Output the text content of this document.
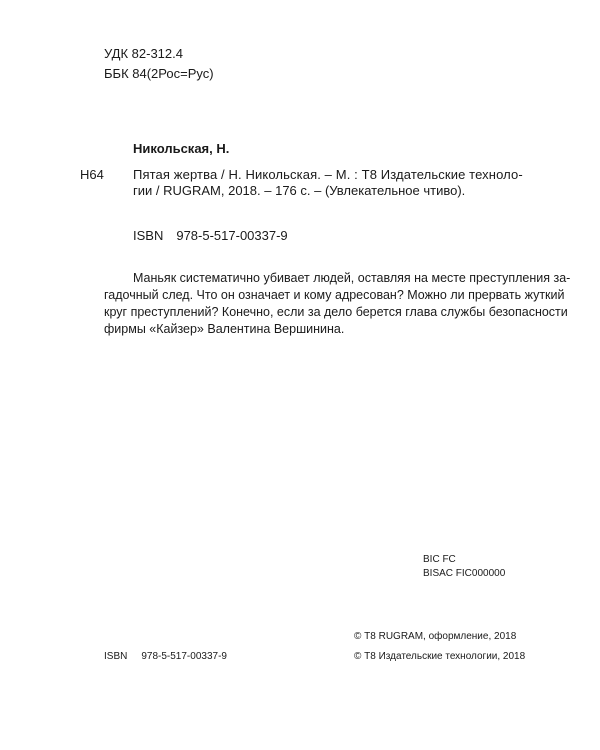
УДК 82-312.4
ББК 84(2Рос=Рус)
Никольская, Н.
Н64 Пятая жертва / Н. Никольская. – М. : Т8 Издательские техноло-
гии / RUGRAM, 2018. – 176 с. – (Увлекательное чтиво).
ISBN 978-5-517-00337-9
Маньяк систематично убивает людей, оставляя на месте преступления за-
гадочный след. Что он означает и кому адресован? Можно ли прервать жуткий
круг преступлений? Конечно, если за дело берется глава службы безопасности
фирмы «Кайзер» Валентина Вершинина.
BIC FC
BISAC FIC000000
© Т8 RUGRAM, оформление, 2018
© Т8 Издательские технологии, 2018
ISBN 978-5-517-00337-9
